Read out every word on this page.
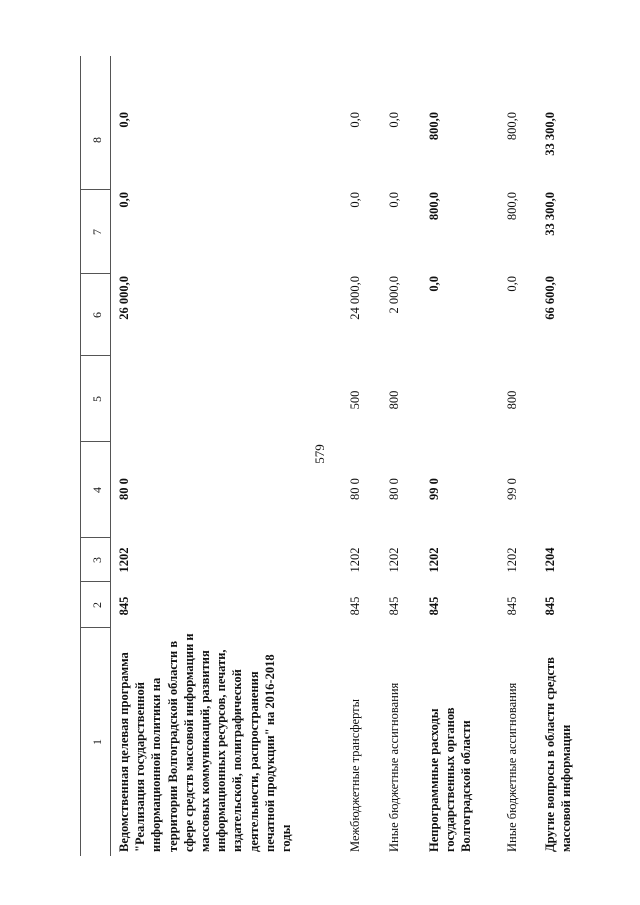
579
1
2
3
4
5
6
7
8
Ведомственная целевая программа "Реализация государственной информационной политики на территории Волгоградской области в сфере средств массовой информации и массовых коммуникаций, развития информационных ресурсов, печати, издательской, полиграфической деятельности, распространения печатной продукции" на 2016-2018 годы
845
1202
80 0
26 000,0
0,0
0,0
Межбюджетные трансферты
845
1202
80 0
500
24 000,0
0,0
0,0
Иные бюджетные ассигнования
845
1202
80 0
800
2 000,0
0,0
0,0
Непрограммные расходы государственных органов Волгоградской области
845
1202
99 0
0,0
800,0
800,0
Иные бюджетные ассигнования
845
1202
99 0
800
0,0
800,0
800,0
Другие вопросы в области средств массовой информации
845
1204
66 600,0
33 300,0
33 300,0
